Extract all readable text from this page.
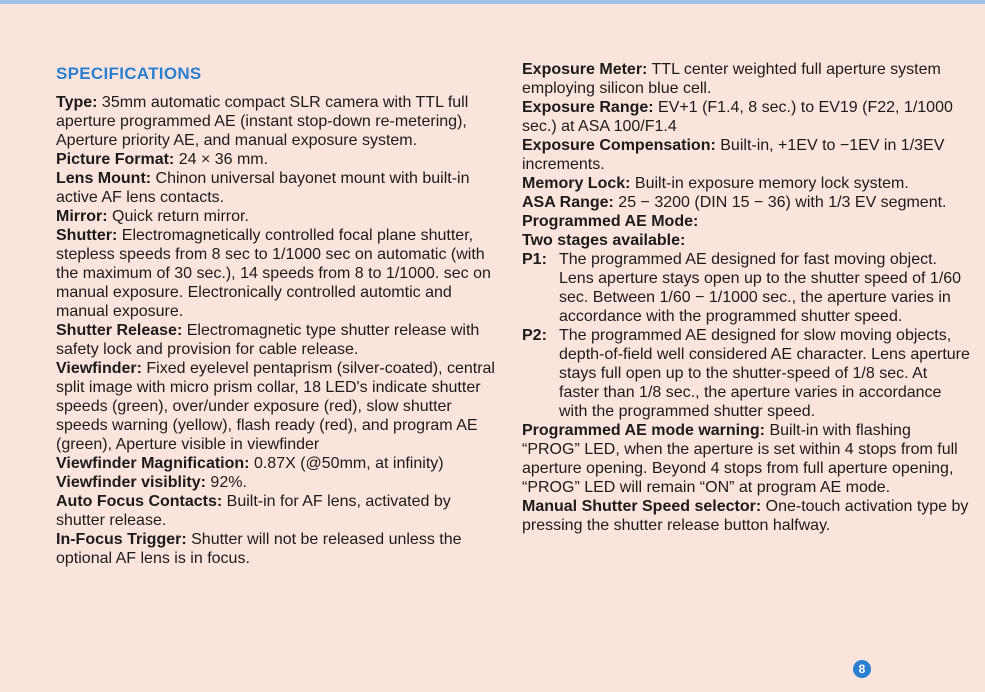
SPECIFICATIONS

Type: 35mm automatic compact SLR camera with TTL full aperture programmed AE (instant stop-down re-metering), Aperture priority AE, and manual exposure system.

Picture Format: 24 × 36 mm.

Lens Mount: Chinon universal bayonet mount with built-in active AF lens contacts.

Mirror: Quick return mirror.

Shutter: Electromagnetically controlled focal plane shutter, stepless speeds from 8 sec to 1/1000 sec on automatic (with the maximum of 30 sec.), 14 speeds from 8 to 1/1000. sec on manual exposure. Electronically controlled automtic and manual exposure.

Shutter Release: Electromagnetic type shutter release with safety lock and provision for cable release.

Viewfinder: Fixed eyelevel pentaprism (silver-coated), central split image with micro prism collar, 18 LED's indicate shutter speeds (green), over/under exposure (red), slow shutter speeds warning (yellow), flash ready (red), and program AE (green), Aperture visible in viewfinder

Viewfinder Magnification: 0.87X (@50mm, at infinity)

Viewfinder visiblity: 92%.

Auto Focus Contacts: Built-in for AF lens, activated by shutter release.

In-Focus Trigger: Shutter will not be released unless the optional AF lens is in focus.

Exposure Meter: TTL center weighted full aperture system employing silicon blue cell.

Exposure Range: EV+1 (F1.4, 8 sec.) to EV19 (F22, 1/1000 sec.) at ASA 100/F1.4

Exposure Compensation: Built-in, +1EV to −1EV in 1/3EV increments.

Memory Lock: Built-in exposure memory lock system.

ASA Range: 25 − 3200 (DIN 15 − 36) with 1/3 EV segment.

Programmed AE Mode:

Two stages available:

P1: The programmed AE designed for fast moving object. Lens aperture stays open up to the shutter speed of 1/60 sec. Between 1/60 − 1/1000 sec., the aperture varies in accordance with the programmed shutter speed.
P2: The programmed AE designed for slow moving objects, depth-of-field well considered AE character. Lens aperture stays full open up to the shutter-speed of 1/8 sec. At faster than 1/8 sec., the aperture varies in accordance with the programmed shutter speed.

Programmed AE mode warning: Built-in with flashing “PROG” LED, when the aperture is set within 4 stops from full aperture opening. Beyond 4 stops from full aperture opening, “PROG” LED will remain “ON” at program AE mode.

Manual Shutter Speed selector: One-touch activation type by pressing the shutter release button halfway.

8
